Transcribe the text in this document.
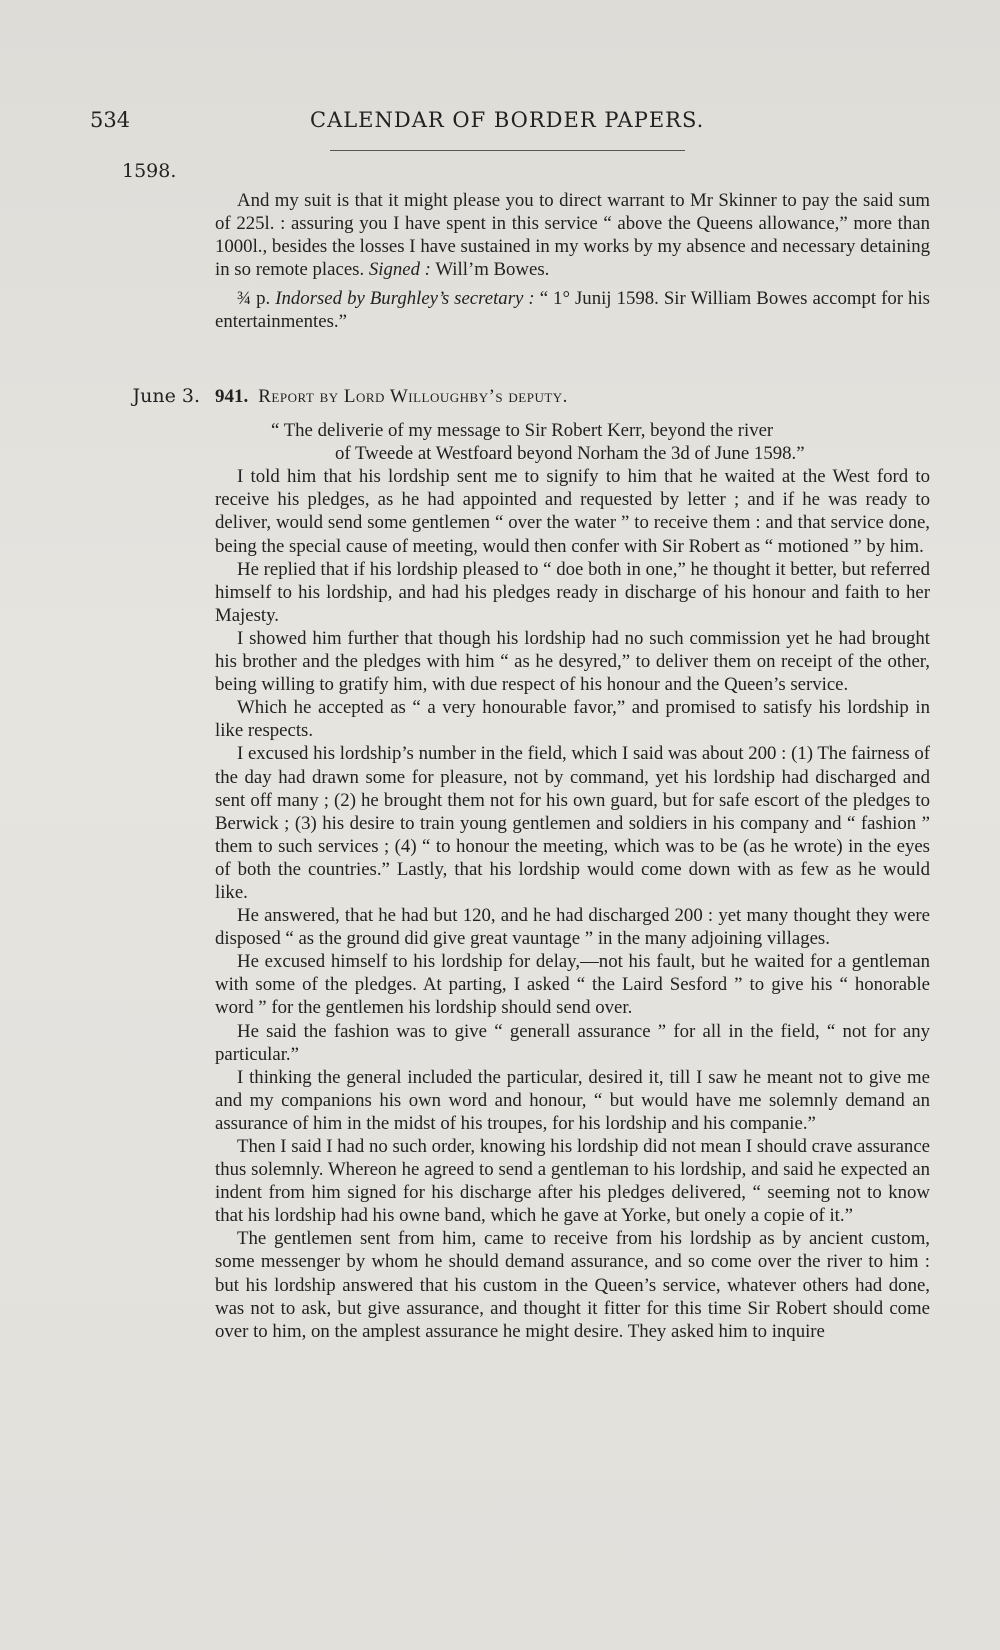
534	CALENDAR OF BORDER PAPERS.
1598.

And my suit is that it might please you to direct warrant to Mr Skinner to pay the said sum of 225l. : assuring you I have spent in this service “ above the Queens allowance,” more than 1000l., besides the losses I have sustained in my works by my absence and necessary detaining in so remote places. Signed : Will’m Bowes.

¾ p. Indorsed by Burghley’s secretary : “ 1° Junij 1598. Sir William Bowes accompt for his entertainmentes.”

June 3. 941. Report by Lord Willoughby’s deputy.

“ The deliverie of my message to Sir Robert Kerr, beyond the river

of Tweede at Westfoard beyond Norham the 3d of June 1598.”

I told him that his lordship sent me to signify to him that he waited at the West ford to receive his pledges, as he had appointed and requested by letter ; and if he was ready to deliver, would send some gentlemen “ over the water ” to receive them : and that service done, being the special cause of meeting, would then confer with Sir Robert as “ motioned ” by him.

He replied that if his lordship pleased to “ doe both in one,” he thought it better, but referred himself to his lordship, and had his pledges ready in discharge of his honour and faith to her Majesty.

I showed him further that though his lordship had no such commission yet he had brought his brother and the pledges with him “ as he desyred,” to deliver them on receipt of the other, being willing to gratify him, with due respect of his honour and the Queen’s service.

Which he accepted as “ a very honourable favor,” and promised to satisfy his lordship in like respects.

I excused his lordship’s number in the field, which I said was about 200 : (1) The fairness of the day had drawn some for pleasure, not by command, yet his lordship had discharged and sent off many ; (2) he brought them not for his own guard, but for safe escort of the pledges to Berwick ; (3) his desire to train young gentlemen and soldiers in his company and “ fashion ” them to such services ; (4) “ to honour the meeting, which was to be (as he wrote) in the eyes of both the countries.” Lastly, that his lordship would come down with as few as he would like.

He answered, that he had but 120, and he had discharged 200 : yet many thought they were disposed “ as the ground did give great vauntage ” in the many adjoining villages.

He excused himself to his lordship for delay,—not his fault, but he waited for a gentleman with some of the pledges. At parting, I asked “ the Laird Sesford ” to give his “ honorable word ” for the gentlemen his lordship should send over.

He said the fashion was to give “ generall assurance ” for all in the field, “ not for any particular.”

I thinking the general included the particular, desired it, till I saw he meant not to give me and my companions his own word and honour, “ but would have me solemnly demand an assurance of him in the midst of his troupes, for his lordship and his companie.”

Then I said I had no such order, knowing his lordship did not mean I should crave assurance thus solemnly. Whereon he agreed to send a gentleman to his lordship, and said he expected an indent from him signed for his discharge after his pledges delivered, “ seeming not to know that his lordship had his owne band, which he gave at Yorke, but onely a copie of it.”

The gentlemen sent from him, came to receive from his lordship as by ancient custom, some messenger by whom he should demand assurance, and so come over the river to him : but his lordship answered that his custom in the Queen’s service, whatever others had done, was not to ask, but give assurance, and thought it fitter for this time Sir Robert should come over to him, on the amplest assurance he might desire. They asked him to inquire
